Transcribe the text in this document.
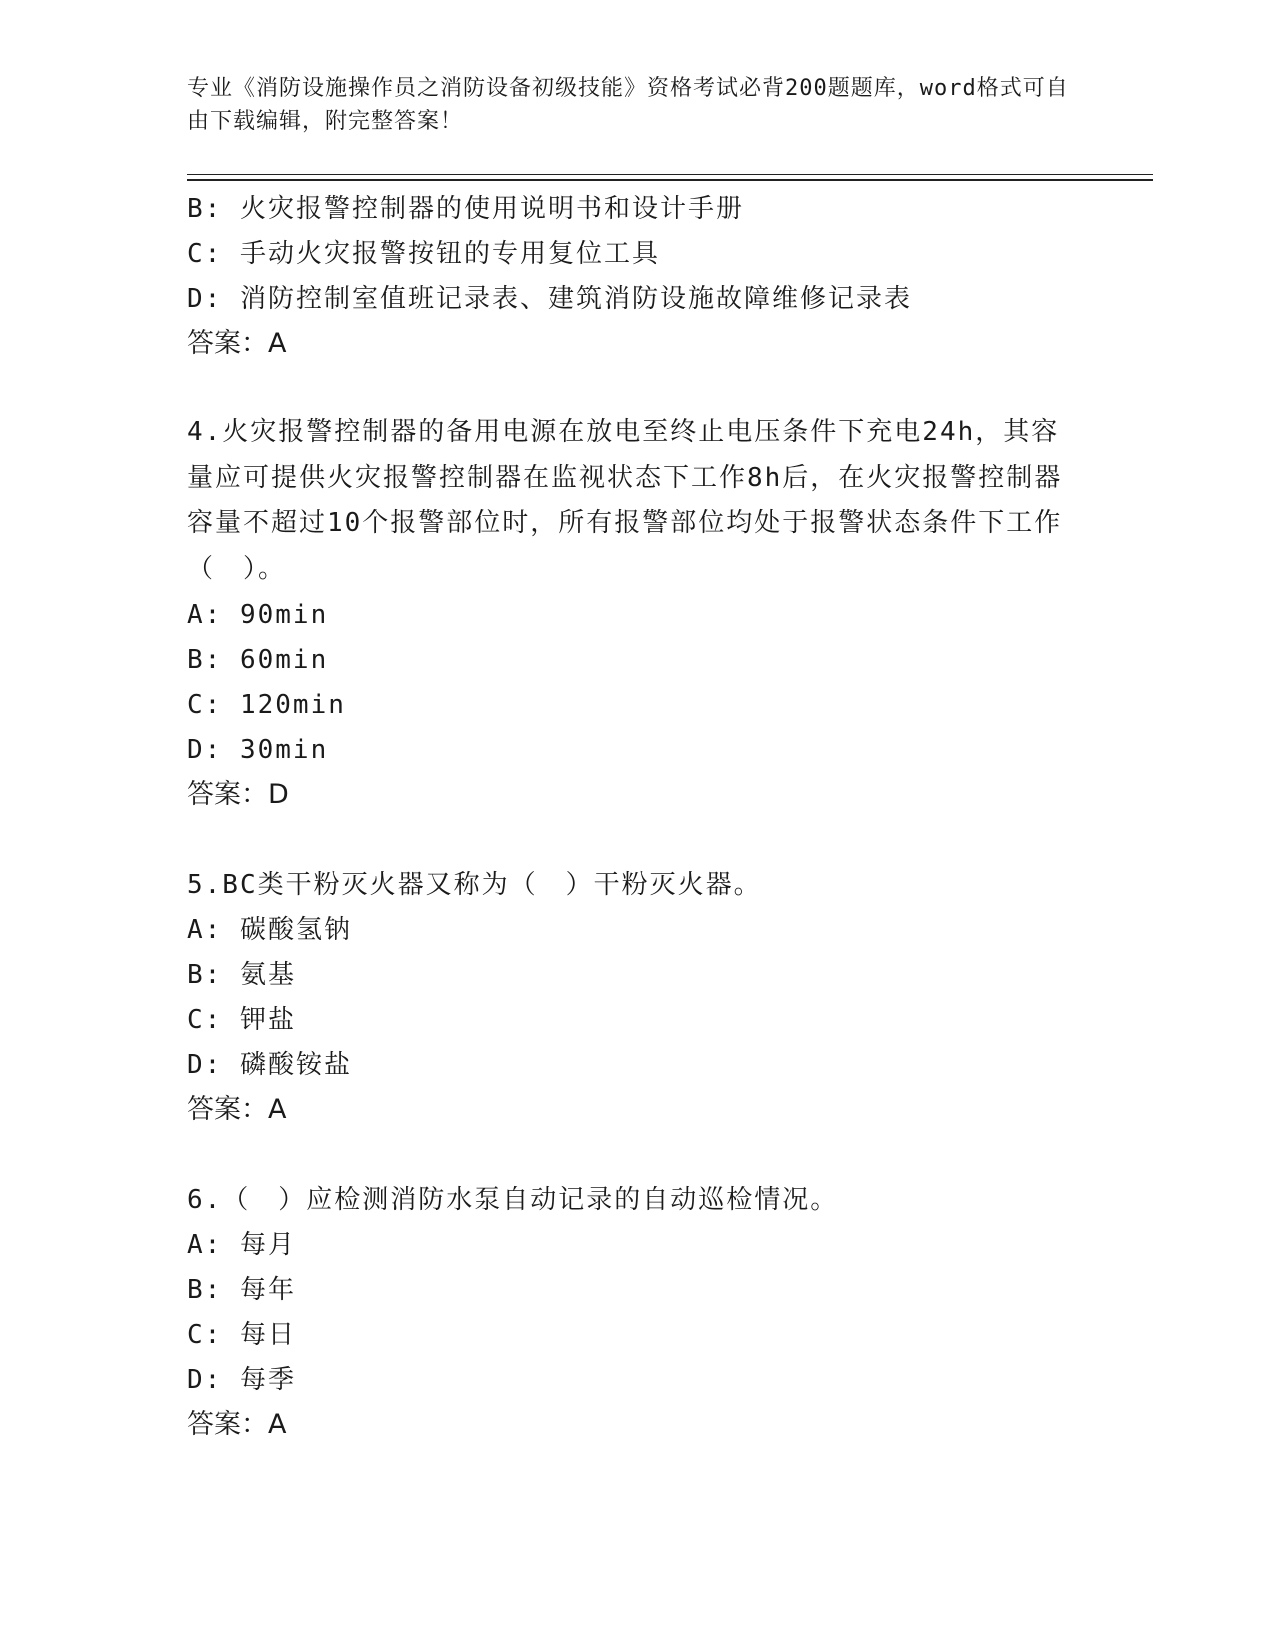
专业《消防设施操作员之消防设备初级技能》资格考试必背200题题库，word格式可自由下载编辑，附完整答案！
B: 火灾报警控制器的使用说明书和设计手册
C: 手动火灾报警按钮的专用复位工具
D: 消防控制室值班记录表、建筑消防设施故障维修记录表
答案：A
4.火灾报警控制器的备用电源在放电至终止电压条件下充电24h，其容量应可提供火灾报警控制器在监视状态下工作8h后，在火灾报警控制器容量不超过10个报警部位时，所有报警部位均处于报警状态条件下工作（　）。
A: 90min
B: 60min
C: 120min
D: 30min
答案：D
5.BC类干粉灭火器又称为（　）干粉灭火器。
A: 碳酸氢钠
B: 氨基
C: 钾盐
D: 磷酸铵盐
答案：A
6.（　）应检测消防水泵自动记录的自动巡检情况。
A: 每月
B: 每年
C: 每日
D: 每季
答案：A
